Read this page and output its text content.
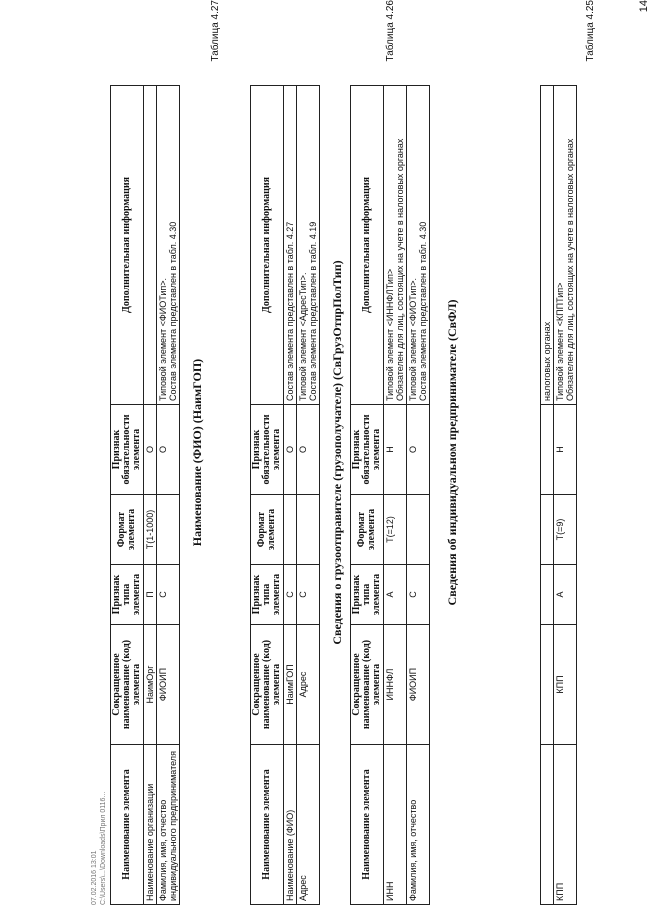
14
					налоговых органах
КПП	КПП	А	T(=9)	Н	Типовой элемент <КППТип>
Обязателен для лиц, состоящих на учете в налоговых органах
Таблица 4.25
Сведения об индивидуальном предпринимателе (СвФЛ)
Наименование элемента	Сокращенное наименование (код) элемента	Признак типа элемента	Формат элемента	Признак обязательности элемента	Дополнительная информация
ИНН	ИННФЛ	А	T(=12)	Н	Типовой элемент <ИННФЛТип>
Обязателен для лиц, состоящих на учете в налоговых органах
Фамилия, имя, отчество	ФИОИП	С		О	Типовой элемент <ФИОТип>.
Состав элемента представлен в табл. 4.30
Таблица 4.26
Сведения о грузоотправителе (грузополучателе) (СвГрузОтпрПолТип)
Наименование элемента	Сокращенное наименование (код) элемента	Признак типа элемента	Формат элемента	Признак обязательности элемента	Дополнительная информация
Наименование (ФИО)	НаимГОП	С		О	Состав элемента представлен в табл. 4.27
Адрес	Адрес	С		О	Типовой элемент <АдресТип>.
Состав элемента представлен в табл. 4.19
Таблица 4.27
Наименование (ФИО) (НаимГОП)
Наименование элемента	Сокращенное наименование (код) элемента	Признак типа элемента	Формат элемента	Признак обязательности элемента	Дополнительная информация
Наименование организации	НаимОрг	П	T(1-1000)	О	
Фамилия, имя, отчество индивидуального предпринимателя	ФИОИП	С		О	Типовой элемент <ФИОТип>.
Состав элемента представлен в табл. 4.30
07.02.2016 13:01 C:\Users\...\Downloads\Прил 0116...
